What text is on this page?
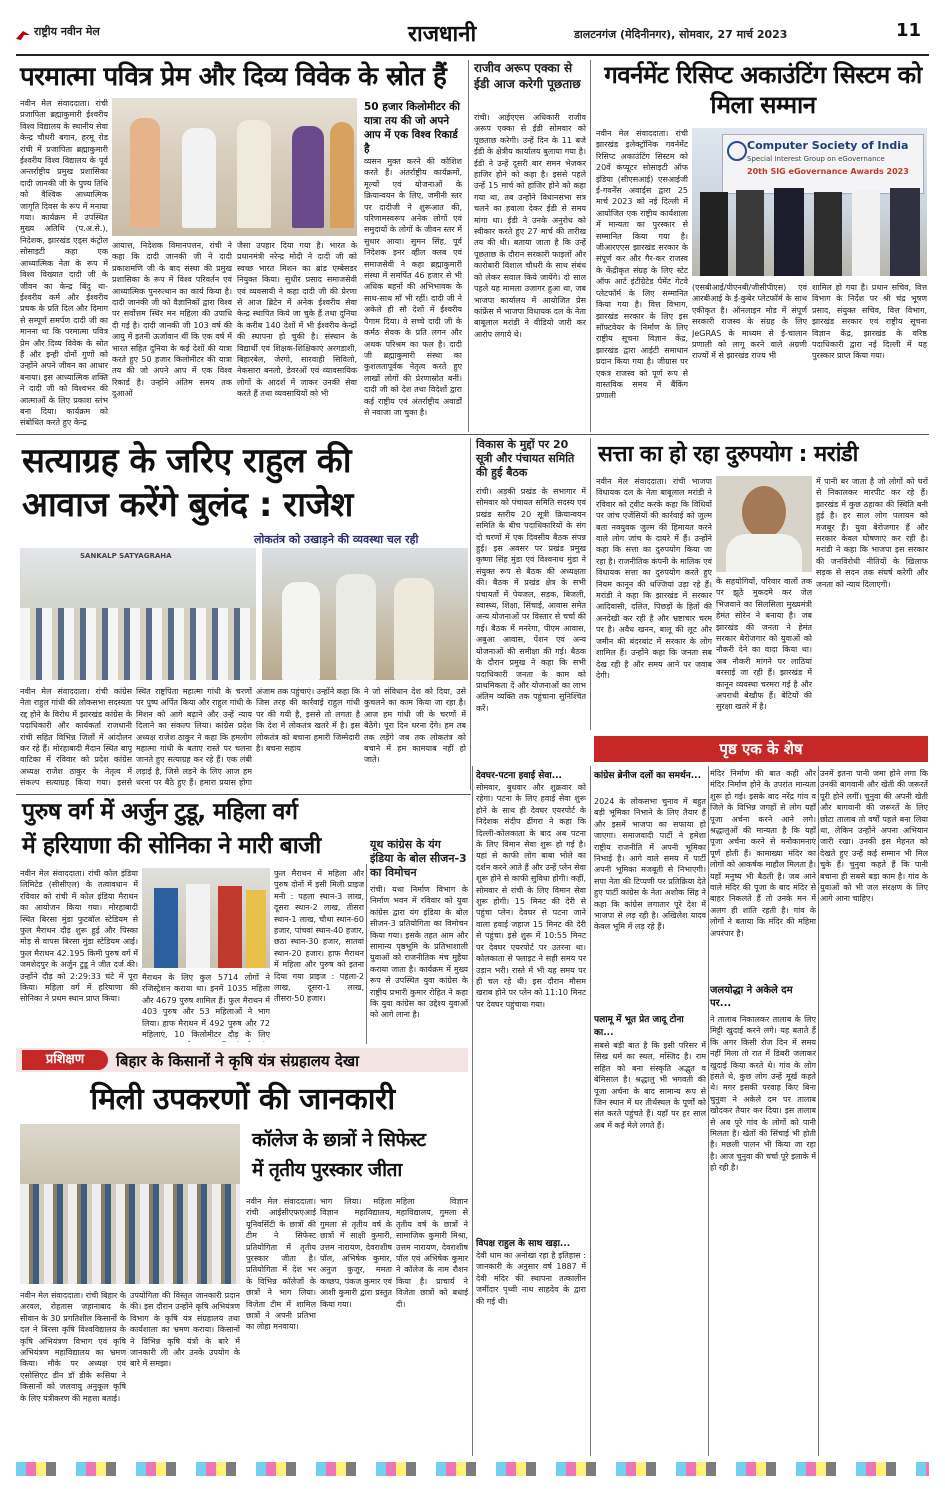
राष्ट्रीय नवीन मेल	राजधानी	डालटनगंज (मेदिनीनगर), सोमवार, 27 मार्च 2023	11
परमात्मा पवित्र प्रेम और दिव्य विवेक के स्रोत हैं
नवीन मेल संवाददाता। रांची प्रजापिता ब्रह्माकुमारी ईश्वरीय विश्व विद्यालय के स्थानीय सेवा केन्द्र चौधरी बगान, हरमू रोड रांची में प्रजापिता ब्रह्माकुमारी ईश्वरीय विश्व विद्यालय के पूर्व अन्तर्राष्ट्रीय प्रमुख प्रशासिका दादी जानकी जी के पुण्य तिथि को वैश्विक आध्यात्मिक जागृति दिवस के रूप में मनाया गया। कार्यक्रम में उपस्थित मुख्य अतिथि (प.अ.से.), निदेशक, झारखंड एड्स कंट्रोल सोसाइटी कहा एक आध्यात्मिक नेता के रूप में विश्व विख्यात दादी जी के जीवन का केन्द्र बिंदु था- ईश्वरीय कर्म और ईश्वरीय प्रचक के प्रति दिल और दिमाग से सम्पूर्ण समर्पण दादी जी का मानना था कि परमात्मा पवित्र प्रेम और दिव्य विवेक के स्रोत हैं और इन्ही दोनों गुणों को उन्होंने अपने जीवन का आधार बनाया। इस आध्यात्मिक शक्ति ने दादी जी को विश्वभर की आत्माओं के लिए प्रकाश स्तंभ बना दिया। कार्यक्रम को संबोधित करते हुए केन्द्र
आयात्त, निदेशक विमानपत्तन, रांची ने कहा कि दादी जानकी जी ने दादी प्रकाशमणि जी के बाद संस्था की प्रमुख प्रशासिका के रूप में विश्व परिवर्तन एवं आध्यात्मिक पुनरुत्थान का कार्य किया है। दादी जानकी जी को वैज्ञानिकों द्वारा विश्व पर सर्वोत्तम स्थिर मन महिला की उपाधि दी गई है। दादी जानकी जी 103 वर्ष की आयु में इतनी ऊर्जावान थीं कि एक वर्ष में भारत सहित दुनिया के कई देशों की यात्रा करते हुए 50 हजार किलोमीटर की यात्रा तय की जो अपने आप में एक विश्व रिकार्ड है। उन्होंने अंतिम समय तक दुआओं
जैसा उपहार दिया गया है। भारत के प्रधानमंत्री नरेन्द्र मोदी ने दादी जी को स्वच्छ भारत मिशन का ब्रांड एम्बेसडर नियुक्त किया। सुधीर प्रसाद समाजसेवी एवं व्यवसायी ने कहा दादी जी की प्रेरणा से आज ब्रिटेन में अनेक ईश्वरीय सेवा केन्द्र स्थापित किये जा चुके हैं तथा दुनिया के करीब 140 देशों में भी ईश्वरीय केन्द्रों की स्थापना हो चुकी है। संस्थान के विद्यार्थी एवं शिक्षक-शिक्षिकाएं अरगडाशी, बिहारबेल, जेरगो, सारवाही सिविलो, नेकसारा बनलो, डेवरओं एवं व्यावसायिक लोगों के आदर्श में जाकर उनकी सेवा करते हैं तथा व्यवसायियों को भी
50 हजार किलोमीटर की यात्रा तय की जो अपने आप में एक विश्व रिकार्ड है
व्यसन मुक्त करने की कोशिश करते हैं। अंतर्राष्ट्रीय कार्यक्रमों, मूल्यों एवं योजनाओं के क्रियान्वयन के लिए, जमीनी स्तर पर दादीजी ने शुरूआत की, परिणामस्वरूप अनेक लोगों एवं समुदायों के लोगों के जीवन स्तर में सुधार आया। सुमन सिंह, पूर्व निदेशक इनर व्हील क्लब एवं समाजसेवी ने कहा ब्रह्माकुमारी संस्था में समर्पित 46 हजार से भी अधिक बहनों की अभिभावक के साथ-साथ माँ भी रहीं। दादी जी ने अकेले ही सौ देशों में ईश्वरीय पैगाम दिया। वे सच्चे दादी जी के कर्मठ सेवक के प्रति लगन और अथक परिश्रम का फल है। दादी जी ब्रह्माकुमारी संस्था का कुशलतापूर्वक नेतृत्व करते हुए लाखों लोगों की प्रेरणास्रोत बनीं। दादी जी को देश तथा विदेशों द्वारा कई राष्ट्रीय एवं अंतर्राष्ट्रीय अवार्डों से नवाजा जा चुका है।
राजीव अरूप एक्का से ईडी आज करेगी पूछताछ
रांची। आईएएस अधिकारी राजीव अरूप एक्का से ईडी सोमवार को पूछताछ करेगी। उन्हें दिन के 11 बजे ईडी के क्षेत्रीय कार्यालय बुलाया गया है। ईडी ने उन्हें दूसरी बार समन भेजकर हाजिर होने को कहा है। इससे पहले उन्हें 15 मार्च को हाजिर होने को कहा गया था, तब उन्होंने विधानसभा सत्र चलने का हवाला देकर ईडी से समय मांगा था। ईडी ने उनके अनुरोध को स्वीकार करते हुए 27 मार्च की तारीख तय की थी। बताया जाता है कि उन्हें पूछताछ के दौरान सरकारी फाइलों और कारोबारी विशाल चौधरी के साथ संबंध को लेकर सवाल किये जायेंगे। दो साल पहले यह मामला उजागर हुआ था, जब भाजपा कार्यालय में आयोजित प्रेस कांफ्रेंस में भाजपा विधायक दल के नेता बाबूलाल मरांडी ने वीडियो जारी कर आरोप लगाये थे।
गवर्नमेंट रिसिप्ट अकाउंटिंग सिस्टम को मिला सम्मान
नवीन मेल संवाददाता। रांची झारखंड इलेक्ट्रॉनिक गवर्नमेंट रिसिप्ट अकाउंटिंग सिस्टम को 20वें कंप्यूटर सोसाइटी ऑफ इंडिया (सीएसआई) एसआईजी ई-गवर्नेंस अवार्ड्स द्वारा 25 मार्च 2023 को नई दिल्ली में आयोजित एक राष्ट्रीय कार्यशाला में मान्यता का पुरस्कार से सम्मानित किया गया है। जीआरएएस झारखंड सरकार के संपूर्ण कर और गैर-कर राजस्व के केंद्रीकृत संग्रह के लिए स्टेट ऑफ आर्ट इंटीग्रेटेड पेमेंट गेटवे प्लेटफॉर्म के लिए सम्मानित किया गया है। वित्त विभाग, झारखंड सरकार के लिए इस सॉफ्टवेयर के निर्माण के लिए राष्ट्रीय सूचना विज्ञान केंद्र, झारखंड द्वारा आईटी समाधान प्रदान किया गया है। जीग्रास पर एकत्र राजस्व को पूर्ण रूप से वास्तविक समय में बैंकिंग प्रणाली
Computer Society of India
Special Interest Group on eGovernance
20th SIG eGovernance Awards 2023
(एसबीआई/पीएनबी/जीसीपीएस) एवं आरबीआई के ई-कुबेर प्लेटफॉर्म के साथ एकीकृत है। ऑनलाइन मोड में संपूर्ण सरकारी राजस्व के संग्रह के लिए JeGRAS के माध्यम से ई-चालान प्रणाली को लागू करने वाले अग्रणी राज्यों में से झारखंड राज्य भी
शामिल हो गया है। प्रधान सचिव, वित्त विभाग के निर्देश पर श्री चंद्र भूषण प्रसाद, संयुक्त सचिव, वित्त विभाग, झारखंड सरकार एवं राष्ट्रीय सूचना विज्ञान केंद्र, झारखंड के वरिष्ठ पदाधिकारी द्वारा नई दिल्ली में यह पुरस्कार प्राप्त किया गया।
सत्याग्रह के जरिए राहुल की
आवाज करेंगे बुलंद : राजेश
लोकतंत्र को उखाड़ने की व्यवस्था चल रही
SANKALP SATYAGRAHA
नवीन मेल संवाददाता। रांची कांग्रेस नेता राहुल गांधी की लोकसभा सदस्यता रद्द होने के विरोध में झारखंड कांग्रेस के पदाधिकारी और कार्यकर्ता राजधानी रांची सहित विभिन्न जिलों में आंदोलन कर रहे हैं। मोरहाबादी मैदान स्थित बापू वाटिका में रविवार को प्रदेश कांग्रेस अध्यक्ष राजेश ठाकुर के नेतृत्व में संकल्प सत्याग्रह किया गया। इससे
स्थित राष्ट्रपिता महात्मा गांधी के चरणों पर पुष्प अर्पित किया और राहुल गांधी के मिशन को आगे बढ़ाने और उन्हें न्याय दिलाने का संकल्प लिया। कांग्रेस प्रदेश अध्यक्ष राजेश ठाकुर ने कहा कि हमलोग महात्मा गांधी के बताए रास्ते पर चलना जानते हुए सत्याग्रह कर रहे हैं। एक लंबी लड़ाई है, जिसे लड़ने के लिए आज हम धरना पर बैठे हुए हैं। हमारा प्रयास होगा
अंजाम तक पहुंचाएं। उन्होंने कहा कि जिस तरह की कार्रवाई राहुल गांधी पर की गयी है, इससे तो लगता है कि देश में लोकतंत्र खतरे में है। इस लोकतंत्र को बचाना हमारी जिम्मेदारी है। बचना सहाय
ने जो संविधान देश को दिया, उसे कुचलने का काम किया जा रहा है। आज हम गांधी जी के चरणों में बैठेंगे। पूरा दिन धरना देंगे। हम तब तक लड़ेंगे जब तक लोकतंत्र को बचाने में हम कामयाब नहीं हो जाते।
विकास के मुद्दों पर 20 सूत्री और पंचायत समिति की हुई बैठक
रांची। अड़की प्रखंड के सभागार में सोमवार को पंचायत समिति सदस्य एवं प्रखंड स्तरीय 20 सूत्री क्रियान्वयन समिति के बीच पदाधिकारियों के संग दो चरणों में एक दिवसीय बैठक संपन्न हुई। इस अवसर पर प्रखंड प्रमुख कृष्णा सिंह मुंडा एवं विश्वनाथ मुंडा ने संयुक्त रूप से बैठक की अध्यक्षता की। बैठक में प्रखंड क्षेत्र के सभी पंचायतों में पेयजल, सड़क, बिजली, स्वास्थ्य, शिक्षा, सिंचाई, आवास समेत अन्य योजनाओं पर विस्तार से चर्चा की गई। बैठक में मनरेगा, पीएम आवास, अबुआ आवास, पेंशन एवं अन्य योजनाओं की समीक्षा की गई। बैठक के दौरान प्रमुख ने कहा कि सभी पदाधिकारी जनता के काम को प्राथमिकता दें और योजनाओं का लाभ अंतिम व्यक्ति तक पहुंचाना सुनिश्चित करें।
सत्ता का हो रहा दुरुपयोग : मरांडी
नवीन मेल संवाददाता। रांची भाजपा विधायक दल के नेता बाबूलाल मरांडी ने रविवार को ट्वीट करके कहा कि विधियों पर जांच एजेंसियों की कार्रवाई को जुल्म बता नवयुवक जुल्म की हिमायत करने वाले लोग जांच के दायरे में हैं। उन्होंने कहा कि सत्ता का दुरुपयोग किया जा रहा है। राजनीतिक कंपनी के मालिक एवं विधायक सत्ता का दुरुपयोग करते हुए नियम कानून की धज्जियां उड़ा रहे हैं। मरांडी ने कहा कि झारखंड में सरकार आदिवासी, दलित, पिछड़ों के हितों की अनदेखी कर रही है और भ्रष्टाचार चरम पर है। अवैध खनन, बालू की लूट और जमीन की बंदरबांट में सरकार के लोग शामिल हैं। उन्होंने कहा कि जनता सब देख रही है और समय आने पर जवाब देगी।
के सहयोगियों, परिवार वालों तक पर झूठे मुकदमे कर जेल भिजवाने का सिलसिला मुख्यमंत्री हेमंत सोरेन ने बनाया है। जब झारखंड की जनता ने हेमंत सरकार बेरोजगार को युवाओं को नौकरी देने का वादा किया था। अब नौकरी मांगने पर लाठियां बरसाई जा रही हैं। झारखंड में कानून व्यवस्था चरमरा गई है और अपराधी बेखौफ हैं। बेटियों की सुरक्षा खतरे में है।
में पानी बर जाता है जो लोगों को घरों से निकालकर मारपीट कर रहे हैं। झारखंड में कुछ ठहाका की स्थिति बनी हुई है। हर साल लोग पलायन को मजबूर हैं। युवा बेरोजगार हैं और सरकार केवल घोषणाएं कर रही है। मरांडी ने कहा कि भाजपा इस सरकार की जनविरोधी नीतियों के खिलाफ सड़क से सदन तक संघर्ष करेगी और जनता को न्याय दिलाएगी।
पृष्ठ एक के शेष
देवघर-पटना हवाई सेवा...
सोमवार, बुधवार और शुक्रवार को रहेगा। पटना के लिए हवाई सेवा शुरू होने के साथ ही देवघर एयरपोर्ट के निदेशक संदीप ढींगरा ने कहा कि दिल्ली-कोलकाता के बाद अब पटना के लिए विमान सेवा शुरू हो गई है। यहां से काफी लोग बाबा भोले का दर्शन करने आते हैं और उन्हें प्लेन सेवा शुरू होने से काफी सुविधा होगी। कहीं, सोमवार से रांची के लिए विमान सेवा शुरू होगी। 15 मिनट की देरी से पहुंचा प्लेन। देवघर से पटना जाने वाला हवाई जहाज 15 मिनट की देरी से पहुंचा। इसे शुरू में 10:55 मिनट पर देवघर एयरपोर्ट पर उतरना था। कोलकाता से फ्लाइट ने सही समय पर उड़ान भरी। रास्ते में भी यह समय पर ही चल रहे थी। इस दौरान मौसम खराब होने पर प्लेन को 11:10 मिनट पर देवघर पहुंचाया गया।
विपक्ष राहुल के साथ खड़ा...
देवी धाम का अनोखा रहा है इतिहास : जानकारी के अनुसार वर्ष 1887 में देवी मंदिर की स्थापना तत्कालीन जमींदार पृथ्वी नाथ साहदेव के द्वारा की गई थी।
कांग्रेस ब्रेनीज दलों का समर्थन...
2024 के लोकसभा चुनाव में बहुत बड़ी भूमिका निभाने के लिए तैयार हैं और इसमें भाजपा का सफाया हो जाएगा। समाजवादी पार्टी ने हमेशा राष्ट्रीय राजनीति में अपनी भूमिका निभाई है। आगे वाले समय में पार्टी अपनी भूमिका मजबूती से निभाएगी। सपा नेता की टिप्पणी पर प्रतिक्रिया देते हुए पार्टी कांग्रेस के नेता अशोक सिंह ने कहा कि कांग्रेस लगातार पूरे देश में भाजपा से लड़ रही है। अखिलेश यादव केवल भूमि में लड़ रहे हैं।
पलामू में भूत प्रेत जादू टोना का...
सबसे बड़ी बात है कि इसी परिसर में सिख धर्म का स्थल, मस्जिद है। राम सहित को बना संस्कृति अद्भुत व बेमिसाल है। श्रद्धालु भी भगवती की पूजा अर्चना के बाद सामान्य रूप से जिन स्थान में घर तीर्थस्थल के पूर्णों को संत करते पहुंचते हैं। यहाँ पर हर साल अब में कई मेले लगते हैं।
मंदिर निर्माण की बात कही और मंदिर निर्माण होने के उपरांत मान्यता शुरू हो गई। इसके बाद नरेंद्र गांव व जिले के विभिन्न जगहों से लोग यहाँ पूजा अर्चना करने आने लगे। श्रद्धालुओं की मान्यता है कि यहाँ पूजा अर्चना करने से मनोकामनाएं पूर्ण होती हैं। कामाख्या मंदिर का लोगों को आकर्षक माहौल मिलता है। यहाँ मनुष्य भी बैठती है। जब आने वाले मंदिर की पूजा के बाद मंदिर से बाहर निकलते हैं तो उनके मन में अलग ही शांति रहती है। गांव के लोगों ने बताया कि मंदिर की महिमा अपरंपार है।
जलयोद्धा ने अकेले दम पर...
ने तालाब निकालकर तालाब के लिए मिट्टी खुदाई करने लगे। यह बताते हैं कि अगर किसी रोज दिन में समय नहीं मिला तो रात में डिबरी जलाकर खुदाई किया करते थे। गांव के लोग हंसते थे, कुछ लोग उन्हें मूर्ख कहते थे। मगर इसकी परवाह किए बिना चुनुवा ने अकेले दम पर तालाब खोदकर तैयार कर दिया। इस तालाब से अब पूरे गांव के लोगों को पानी मिलता है। खेतों की सिंचाई भी होती है। मछली पालन भी किया जा रहा है। आज चुनुवा की चर्चा पूरे इलाके में हो रही है।
उनमें इतना पानी जमा होने लगा कि उनकी बागवानी और खेती की जरूरतें पूरी होने लगीं। चुनुवा की अपनी खेती और बागवानी की जरूरतें के लिए छोटा तालाब तो वर्षों पहले बना लिया था, लेकिन उन्होंने अपना अभियान जारी रखा। उनकी इस मेहनत को देखते हुए उन्हें कई सम्मान भी मिल चुके हैं। चुनुवा कहते हैं कि पानी बचाना ही सबसे बड़ा काम है। गांव के युवाओं को भी जल संरक्षण के लिए आगे आना चाहिए।
पुरुष वर्ग में अर्जुन टुडू, महिला वर्ग
में हरियाणा की सोनिका ने मारी बाजी
नवीन मेल संवाददाता। रांची कोल इंडिया लिमिटेड (सीसीएल) के तत्वावधान में रविवार को रांची में कोल इंडिया मैराथन का आयोजन किया गया। मोरहाबादी स्थित बिरसा मुंडा फुटबॉल स्टेडियम से फुल मैराथन दौड़ शुरू हुई और पिस्का मोड़ से वापस बिरसा मुंडा स्टेडियम आई। फुल मैराथन 42.195 किमी पुरुष वर्ग में जमशेदपुर के अर्जुन टुडू ने जीत दर्ज की। उन्होंने दौड़ को 2:29:33 घंटे में पूरा किया। महिला वर्ग में हरियाणा की सोनिका ने प्रथम स्थान प्राप्त किया।
मैराथन के लिए कुल 5714 लोगों ने रजिस्ट्रेशन कराया था। इनमें 1035 महिला और 4679 पुरुष शामिल हैं। फुल मैराथन में 403 पुरुष और 53 महिलाओं ने भाग लिया। हाफ मैराथन में 492 पुरुष और 72 महिलाएं, 10 किलोमीटर दौड़ के लिए
फुल मैराथन में महिला और पुरुष दोनों में इसी मिली प्राइज मनी : पहला स्थान-3 लाख, दूसरा स्थान-2 लाख, तीसरा स्थान-1 लाख, चौथा स्थान-60 हजार, पांचवां स्थान-40 हजार, छठा स्थान-30 हजार, सातवां स्थान-20 हजार। हाफ मैराथन में महिला और पुरुष को इतना दिया गया प्राइज : पहला-2 लाख, दूसरा-1 लाख, तीसरा-50 हजार।
यूथ कांग्रेस के यंग इंडिया के बोल सीजन-3 का विमोचन
रांची। यथा निर्माण विभाग के निर्माण भवन में रविवार को युवा कांग्रेस द्वारा यंग इंडिया के बोल सीजन-3 प्रतियोगिता का विमोचन किया गया। इसके तहत आम और सामान्य पृष्ठभूमि के प्रतिभाशाली युवाओं को राजनीतिक मंच मुहैया कराया जाता है। कार्यक्रम में मुख्य रूप से उपस्थित युवा कांग्रेस के राष्ट्रीय प्रभारी कुमार रोहित ने कहा कि युवा कांग्रेस का उद्देश्य युवाओं को आगे लाना है।
प्रशिक्षण	बिहार के किसानों ने कृषि यंत्र संग्रहालय देखा
मिली उपकरणों की जानकारी
नवीन मेल संवाददाता। रांची बिहार के अरवल, रोहतास जहानाबाद के सीवान के 30 प्रगतिशील किसानों के दल ने बिरसा कृषि विश्वविद्यालय के कृषि अभियंत्रण विभाग एवं कृषि अभियंत्रण महाविद्यालय का भ्रमण किया। मौके पर अध्यक्ष एवं एसोसिएट डीन डॉ डीके रूसिया ने किसानों को जलवायु अनुकूल कृषि के लिए यंत्रीकरण की महत्ता बताई।
उपयोगिता की विस्तृत जानकारी प्रदान की। इस दौरान उन्होंने कृषि अभियंत्रण विभाग के कृषि यंत्र संग्रहालय तथा कार्यशाला का भ्रमण कराया। किसानों ने विभिन्न कृषि यंत्रों के बारे में जानकारी ली और उनके उपयोग के बारे में समझा।
कॉलेज के छात्रों ने सिफेस्ट
में तृतीय पुरस्कार जीता
नवीन मेल संवाददाता। रांची आईसीएफएआई यूनिवर्सिटी के छात्रों की टीम ने सिफेस्ट प्रतियोगिता में तृतीय पुरस्कार जीता है। प्रतियोगिता में देश भर के विभिन्न कॉलेजों के छात्रों ने भाग लिया। विजेता टीम में शामिल छात्रों ने अपनी प्रतिभा का लोहा मनवाया।
भाग लिया। महिला विज्ञान महाविद्यालय, गुमला से तृतीय वर्ष के छात्रों में साक्षी कुमारी, उत्तम नारायण, देवराशीष पॉल, अभिषेक कुमार, अनुज कुजूर, ममता कच्छप, पंकज कुमार एवं आशी कुमारी द्वारा प्रस्तुत किया गया।
महिला विज्ञान महाविद्यालय, गुमला से तृतीय वर्ष के छात्रों ने सामाजिक कुमारी मिश्रा, उत्तम नारायण, देवराशीष पॉल एवं अभिषेक कुमार ने कॉलेज के नाम रौशन किया है। प्राचार्य ने विजेता छात्रों को बधाई दी।
